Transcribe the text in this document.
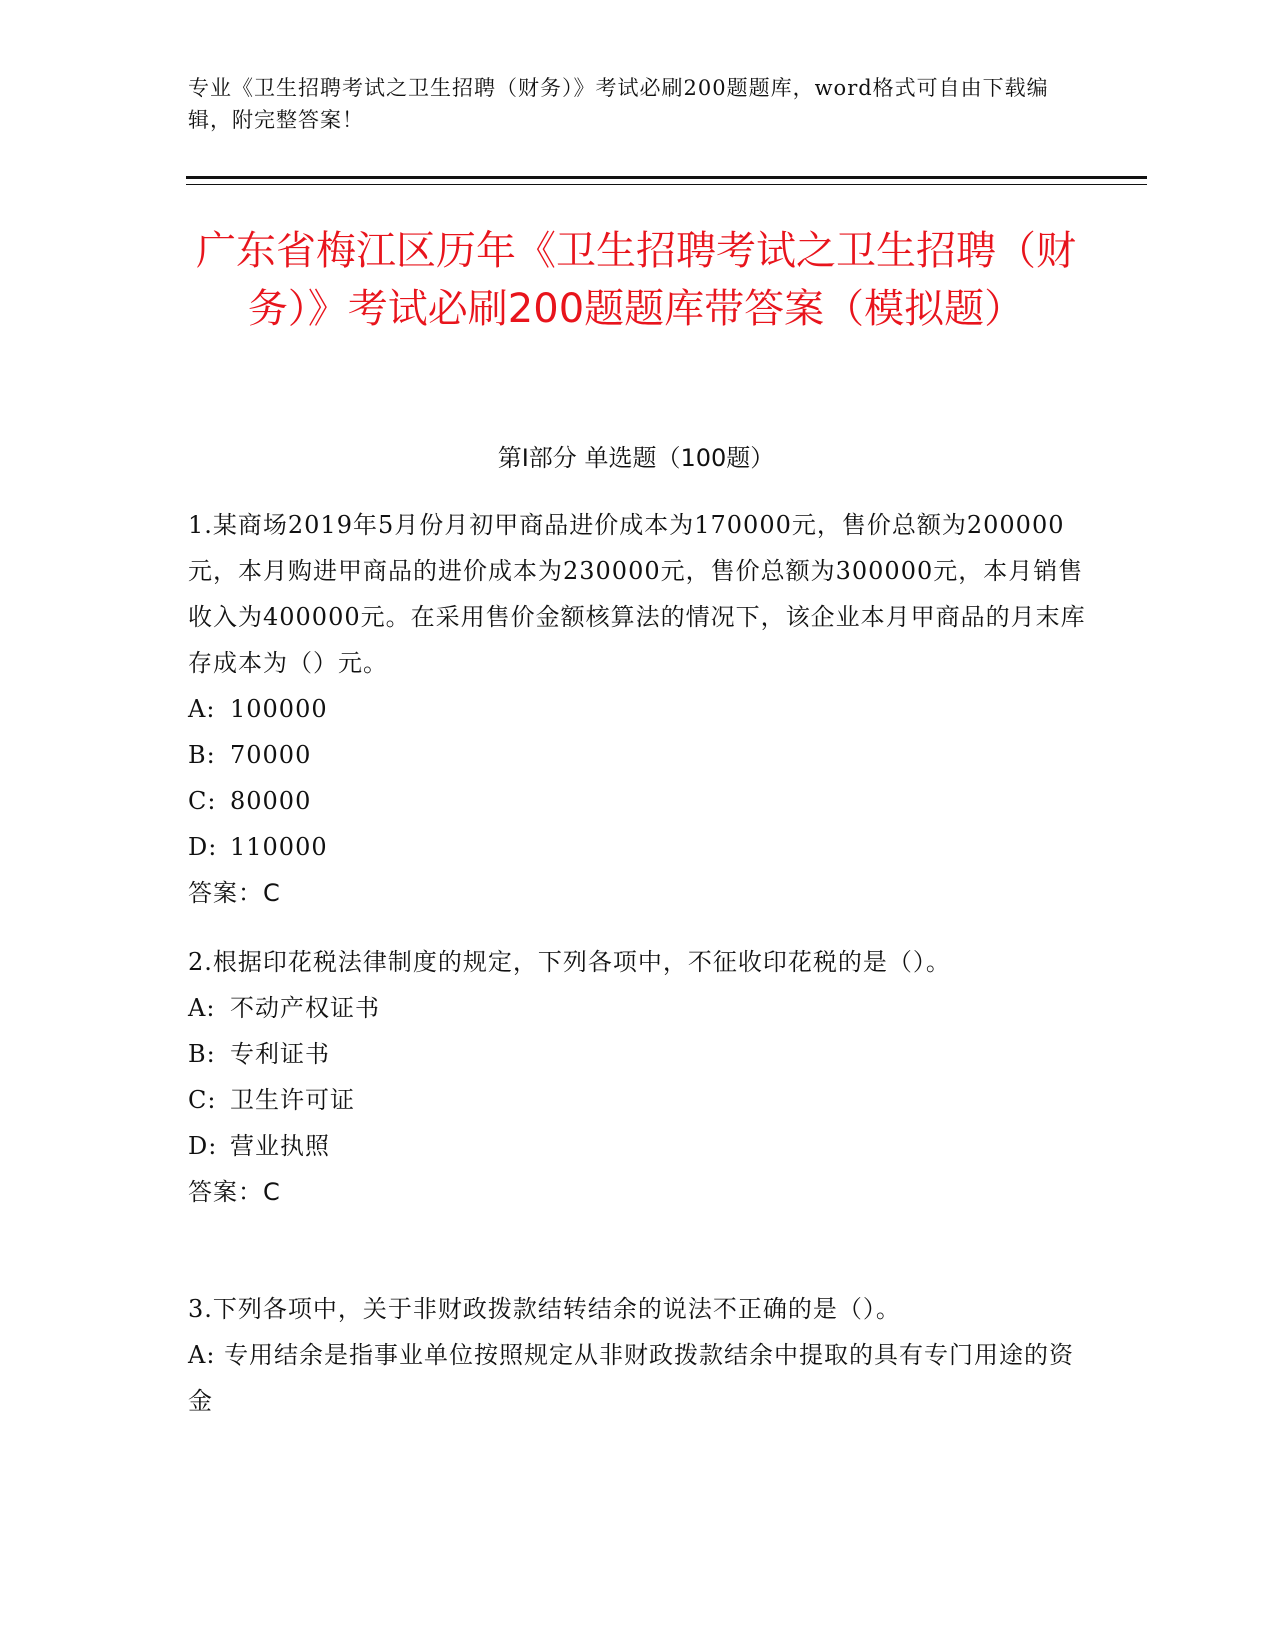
专业《卫生招聘考试之卫生招聘（财务）》考试必刷200题题库，word格式可自由下载编辑，附完整答案！
广东省梅江区历年《卫生招聘考试之卫生招聘（财务）》考试必刷200题题库带答案（模拟题）
第I部分 单选题（100题）

1.某商场2019年5月份月初甲商品进价成本为170000元，售价总额为200000元，本月购进甲商品的进价成本为230000元，售价总额为300000元，本月销售收入为400000元。在采用售价金额核算法的情况下，该企业本月甲商品的月末库存成本为（）元。

A: 100000
B: 70000
C: 80000
D: 110000
答案：C

2.根据印花税法律制度的规定，下列各项中，不征收印花税的是（）。

A: 不动产权证书
B: 专利证书
C: 卫生许可证
D: 营业执照
答案：C

3.下列各项中，关于非财政拨款结转结余的说法不正确的是（）。

A: 专用结余是指事业单位按照规定从非财政拨款结余中提取的具有专门用途的资金
